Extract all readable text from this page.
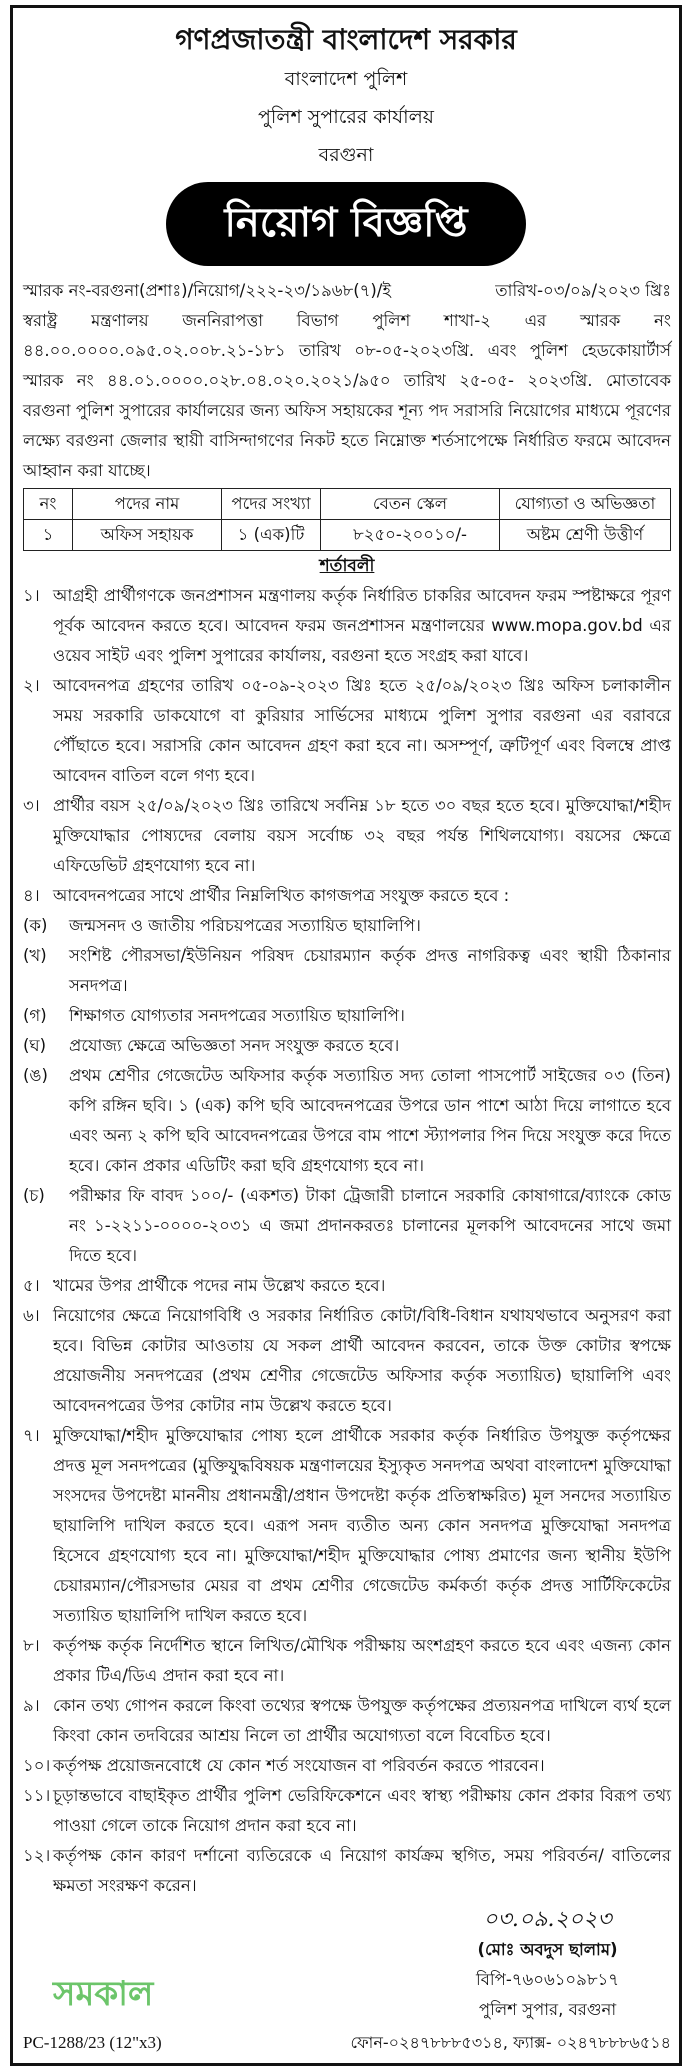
গণপ্রজাতন্ত্রী বাংলাদেশ সরকার
বাংলাদেশ পুলিশ
পুলিশ সুপারের কার্যালয়
বরগুনা
নিয়োগ বিজ্ঞপ্তি
স্মারক নং-বরগুনা(প্রশাঃ)/নিয়োগ/২২২-২৩/১৯৬৮(৭)/ই	তারিখ-০৩/০৯/২০২৩ খ্রিঃ
স্বরাষ্ট্র মন্ত্রণালয় জননিরাপত্তা বিভাগ পুলিশ শাখা-২ এর স্মারক নং ৪৪.০০.০০০০.০৯৫.০২.০০৮.২১-১৮১ তারিখ ০৮-০৫-২০২৩খ্রি. এবং পুলিশ হেডকোয়ার্টার্স স্মারক নং ৪৪.০১.০০০০.০২৮.০৪.০২০.২০২১/৯৫০ তারিখ ২৫-০৫- ২০২৩খ্রি. মোতাবেক বরগুনা পুলিশ সুপারের কার্যালয়ের জন্য অফিস সহায়কের শূন্য পদ সরাসরি নিয়োগের মাধ্যমে পূরণের লক্ষ্যে বরগুনা জেলার স্থায়ী বাসিন্দাগণের নিকট হতে নিম্নোক্ত শর্তসাপেক্ষে নির্ধারিত ফরমে আবেদন আহ্বান করা যাচ্ছে।
নং	পদের নাম	পদের সংখ্যা	বেতন স্কেল	যোগ্যতা ও অভিজ্ঞতা
১	অফিস সহায়ক	১ (এক)টি	৮২৫০-২০০১০/-	অষ্টম শ্রেণী উত্তীর্ণ
শর্তাবলী
১। আগ্রহী প্রার্থীগণকে জনপ্রশাসন মন্ত্রণালয় কর্তৃক নির্ধারিত চাকরির আবেদন ফরম স্পষ্টাক্ষরে পূরণ পূর্বক আবেদন করতে হবে। আবেদন ফরম জনপ্রশাসন মন্ত্রণালয়ের www.mopa.gov.bd এর ওয়েব সাইট এবং পুলিশ সুপারের কার্যালয়, বরগুনা হতে সংগ্রহ করা যাবে।
২। আবেদনপত্র গ্রহণের তারিখ ০৫-০৯-২০২৩ খ্রিঃ হতে ২৫/০৯/২০২৩ খ্রিঃ অফিস চলাকালীন সময় সরকারি ডাকযোগে বা কুরিয়ার সার্ভিসের মাধ্যমে পুলিশ সুপার বরগুনা এর বরাবরে পৌঁছাতে হবে। সরাসরি কোন আবেদন গ্রহণ করা হবে না। অসম্পূর্ণ, ত্রুটিপূর্ণ এবং বিলম্বে প্রাপ্ত আবেদন বাতিল বলে গণ্য হবে।
৩। প্রার্থীর বয়স ২৫/০৯/২০২৩ খ্রিঃ তারিখে সর্বনিম্ন ১৮ হতে ৩০ বছর হতে হবে। মুক্তিযোদ্ধা/শহীদ মুক্তিযোদ্ধার পোষ্যদের বেলায় বয়স সর্বোচ্চ ৩২ বছর পর্যন্ত শিথিলযোগ্য। বয়সের ক্ষেত্রে এফিডেভিট গ্রহণযোগ্য হবে না।
৪। আবেদনপত্রের সাথে প্রার্থীর নিম্নলিখিত কাগজপত্র সংযুক্ত করতে হবে :
(ক)	জন্মসনদ ও জাতীয় পরিচয়পত্রের সত্যায়িত ছায়ালিপি।
(খ)	সংশিষ্ট পৌরসভা/ইউনিয়ন পরিষদ চেয়ারম্যান কর্তৃক প্রদত্ত নাগরিকত্ব এবং স্থায়ী ঠিকানার সনদপত্র।
(গ)	শিক্ষাগত যোগ্যতার সনদপত্রের সত্যায়িত ছায়ালিপি।
(ঘ)	প্রযোজ্য ক্ষেত্রে অভিজ্ঞতা সনদ সংযুক্ত করতে হবে।
(ঙ)	প্রথম শ্রেণীর গেজেটেড অফিসার কর্তৃক সত্যায়িত সদ্য তোলা পাসপোর্ট সাইজের ০৩ (তিন) কপি রঙ্গিন ছবি। ১ (এক) কপি ছবি আবেদনপত্রের উপরে ডান পাশে আঠা দিয়ে লাগাতে হবে এবং অন্য ২ কপি ছবি আবেদনপত্রের উপরে বাম পাশে স্ট্যাপলার পিন দিয়ে সংযুক্ত করে দিতে হবে। কোন প্রকার এডিটিং করা ছবি গ্রহণযোগ্য হবে না।
(চ)	পরীক্ষার ফি বাবদ ১০০/- (একশত) টাকা ট্রেজারী চালানে সরকারি কোষাগারে/ব্যাংকে কোড নং ১-২২১১-০০০০-২০৩১ এ জমা প্রদানকরতঃ চালানের মূলকপি আবেদনের সাথে জমা দিতে হবে।
৫। খামের উপর প্রার্থীকে পদের নাম উল্লেখ করতে হবে।
৬। নিয়োগের ক্ষেত্রে নিয়োগবিধি ও সরকার নির্ধারিত কোটা/বিধি-বিধান যথাযথভাবে অনুসরণ করা হবে। বিভিন্ন কোটার আওতায় যে সকল প্রার্থী আবেদন করবেন, তাকে উক্ত কোটার স্বপক্ষে প্রয়োজনীয় সনদপত্রের (প্রথম শ্রেণীর গেজেটেড অফিসার কর্তৃক সত্যায়িত) ছায়ালিপি এবং আবেদনপত্রের উপর কোটার নাম উল্লেখ করতে হবে।
৭। মুক্তিযোদ্ধা/শহীদ মুক্তিযোদ্ধার পোষ্য হলে প্রার্থীকে সরকার কর্তৃক নির্ধারিত উপযুক্ত কর্তৃপক্ষের প্রদত্ত মূল সনদপত্রের (মুক্তিযুদ্ধবিষয়ক মন্ত্রণালয়ের ইস্যুকৃত সনদপত্র অথবা বাংলাদেশ মুক্তিযোদ্ধা সংসদের উপদেষ্টা মাননীয় প্রধানমন্ত্রী/প্রধান উপদেষ্টা কর্তৃক প্রতিস্বাক্ষরিত) মূল সনদের সত্যায়িত ছায়ালিপি দাখিল করতে হবে। এরূপ সনদ ব্যতীত অন্য কোন সনদপত্র মুক্তিযোদ্ধা সনদপত্র হিসেবে গ্রহণযোগ্য হবে না। মুক্তিযোদ্ধা/শহীদ মুক্তিযোদ্ধার পোষ্য প্রমাণের জন্য স্থানীয় ইউপি চেয়ারম্যান/পৌরসভার মেয়র বা প্রথম শ্রেণীর গেজেটেড কর্মকর্তা কর্তৃক প্রদত্ত সার্টিফিকেটের সত্যায়িত ছায়ালিপি দাখিল করতে হবে।
৮। কর্তৃপক্ষ কর্তৃক নির্দেশিত স্থানে লিখিত/মৌখিক পরীক্ষায় অংশগ্রহণ করতে হবে এবং এজন্য কোন প্রকার টিএ/ডিএ প্রদান করা হবে না।
৯। কোন তথ্য গোপন করলে কিংবা তথ্যের স্বপক্ষে উপযুক্ত কর্তৃপক্ষের প্রত্যয়নপত্র দাখিলে ব্যর্থ হলে কিংবা কোন তদবিরের আশ্রয় নিলে তা প্রার্থীর অযোগ্যতা বলে বিবেচিত হবে।
১০। কর্তৃপক্ষ প্রয়োজনবোধে যে কোন শর্ত সংযোজন বা পরিবর্তন করতে পারবেন।
১১। চূড়ান্তভাবে বাছাইকৃত প্রার্থীর পুলিশ ভেরিফিকেশনে এবং স্বাস্থ্য পরীক্ষায় কোন প্রকার বিরূপ তথ্য পাওয়া গেলে তাকে নিয়োগ প্রদান করা হবে না।
১২। কর্তৃপক্ষ কোন কারণ দর্শানো ব্যতিরেকে এ নিয়োগ কার্যক্রম স্থগিত, সময় পরিবর্তন/ বাতিলের ক্ষমতা সংরক্ষণ করেন।
সমকাল
০৩.০৯.২০২৩
(মোঃ অবদুস ছালাম)
বিপি-৭৬০৬১০৯৮১৭
পুলিশ সুপার, বরগুনা
PC-1288/23 (12"x3)	ফোন-০২৪৭৮৮৮৫৩১৪, ফ্যাক্স- ০২৪৭৮৮৮৬৫১৪
